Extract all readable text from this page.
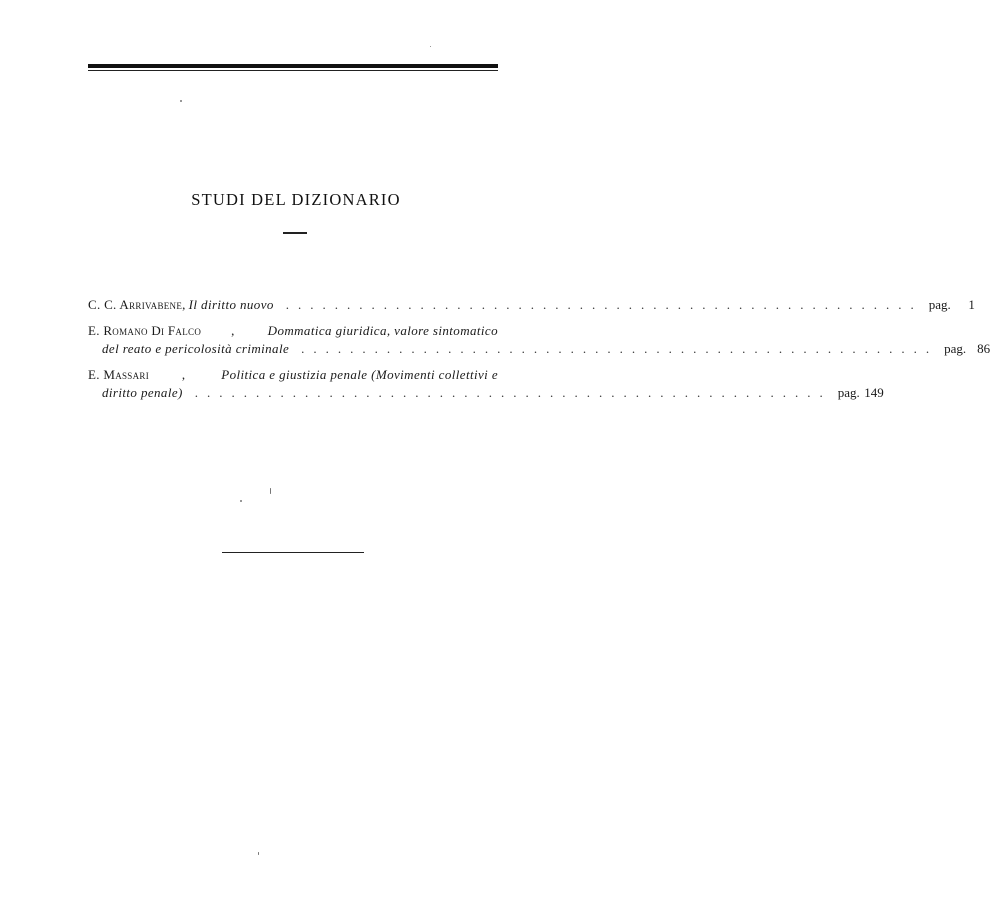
STUDI DEL DIZIONARIO
C. C. Arrivabene , Il diritto nuovo .................................................... pag. 1
E. Romano Di Falco , Dommatica giuridica, valore sintomatico
del reato e pericolosità criminale .................................................... pag. 86
E. Massari	,	Politica e giustizia penale (Movimenti collettivi e
diritto penale) .................................................... pag. 149
